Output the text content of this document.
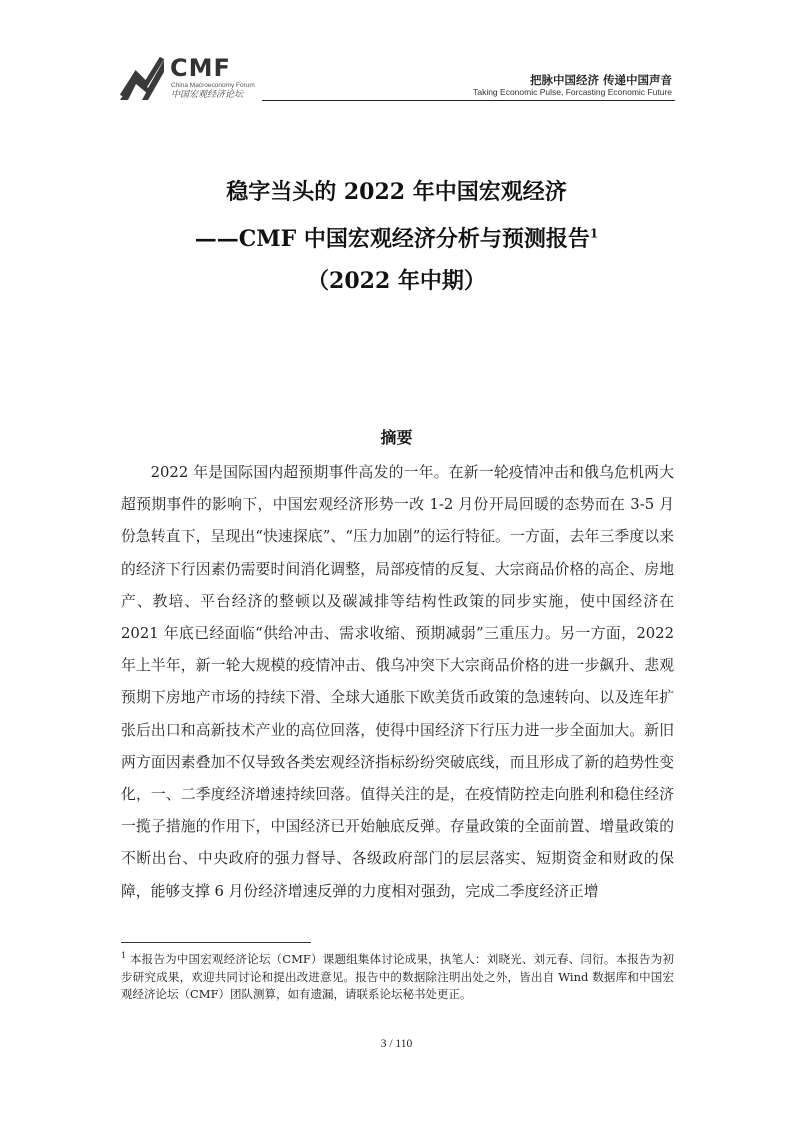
CMF
China Macroeconomy Forum
中国宏观经济论坛
把脉中国经济 传递中国声音
Taking Economic Pulse, Forcasting Economic Future
稳字当头的 2022 年中国宏观经济
——CMF 中国宏观经济分析与预测报告$^1$
（2022 年中期）
摘要

2022 年是国际国内超预期事件高发的一年。在新一轮疫情冲击和俄乌危机两大超预期事件的影响下，中国宏观经济形势一改 1-2 月份开局回暖的态势而在 3-5 月份急转直下，呈现出“快速探底”、“压力加剧”的运行特征。一方面，去年三季度以来的经济下行因素仍需要时间消化调整，局部疫情的反复、大宗商品价格的高企、房地产、教培、平台经济的整顿以及碳减排等结构性政策的同步实施，使中国经济在 2021 年底已经面临“供给冲击、需求收缩、预期减弱”三重压力。另一方面，2022 年上半年，新一轮大规模的疫情冲击、俄乌冲突下大宗商品价格的进一步飙升、悲观预期下房地产市场的持续下滑、全球大通胀下欧美货币政策的急速转向、以及连年扩张后出口和高新技术产业的高位回落，使得中国经济下行压力进一步全面加大。新旧两方面因素叠加不仅导致各类宏观经济指标纷纷突破底线，而且形成了新的趋势性变化，一、二季度经济增速持续回落。值得关注的是，在疫情防控走向胜利和稳住经济一揽子措施的作用下，中国经济已开始触底反弹。存量政策的全面前置、增量政策的不断出台、中央政府的强力督导、各级政府部门的层层落实、短期资金和财政的保障，能够支撑 6 月份经济增速反弹的力度相对强劲，完成二季度经济正增

$^1$ 本报告为中国宏观经济论坛（CMF）课题组集体讨论成果，执笔人：刘晓光、刘元春、闫衍。本报告为初步研究成果，欢迎共同讨论和提出改进意见。报告中的数据除注明出处之外，皆出自 Wind 数据库和中国宏观经济论坛（CMF）团队测算，如有遗漏，请联系论坛秘书处更正。

3 / 110
